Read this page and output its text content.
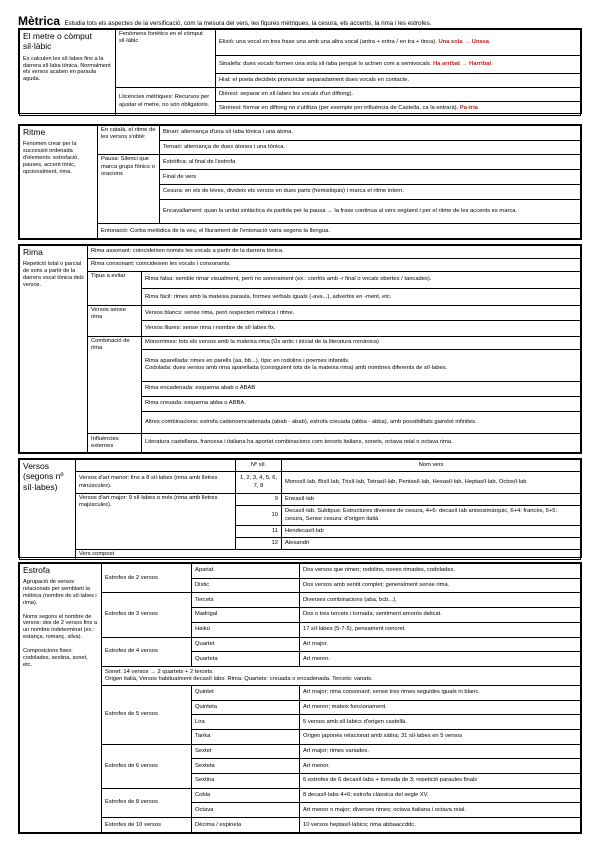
Mètrica Estudia tots els aspectes de la versificació, com la mesura del vers, les figures mètriques, la cesura, els accents, la rima i les estrofes.
El metre o còmput sil·làbic
Es calculen les síl·labes fins a la darrera síl·laba tònica. Normalment els versos acaben en paraula aguda.	Fenòmens fonètics en el còmput sil·làbic	Elisió: una vocal en tres frase una amb una altra vocal (antra + entra / en tra + tinca). Una sola → Unasa
		Sinalefa: dues vocals formen una sola síl·laba perquè lo actrien com a semivocals. Ha arribat → Harribat
		Hiat: el poeta decideix pronunciar separadament dues vocals en contacte.
	Llicències mètriques: Recursos per ajustar el metre, no són obligatoris.	Dièresi: separar en síl·labes les vocals d'un diftong).
		Sinèresi: formar en diftong no s'utilitza (per exemple per influència de Castella, ca la entrarà). Pa-tria
Ritme
Fenomen crear per la successió ordenada d'elements: estrofació, pauses, accent tònic, opcionalment, rima.	En català, el ritme de les versos s'obté:	Binari: alternança d'una síl·laba tònica i una àtona.
		Ternari: alternança de dues àtones i una tònica.
	Pausa: Silenci que marca grups fònics o oracions	Estròfica: al final de l'estrofa
		Final de vers
		Cesura: en els de leves, divideix els versos en dues parts (hemistiquis) i marca el ritme intern.
		Encavallament: quan la unitat sintàctica és partida per la pausa → la frase continua al vers següent i per el ritme de les accents es marca.
	Entonació: Corba melòdica de la veu, el lliurament de l'entonació varia segons la llengua.	
Rima
Repetició total o parcial de sons a partir de la darrera vocal tònica dels versos.	Rima assonant: coincideixen només les vocals a partir de la darrera tònica.	
	Rima consonant: coincideixen les vocals i consonants.	
	Tipus a evitar	Rima falsa: semble rimar visualment, però no sonorament (ex.: confós amb -r final o vocals obertes / tancades).
		Rima fàcil: rimes amb la mateixa paraula, formes verbals iguals (-ava...), adverbis en -ment, etc.
	Versos sense rima	Versos blancs: sense rima, però respecten mètrica i ritme.
		Versos lliures: sense rima i nombre de síl·labes fix.
	Combinació de rima	Monorrimes: tots els versos amb la mateixa rima (Ús antic i inicial de la literatura romànica)
		Rima aparellada: rimes en parells (aa, bb...), típic en rodolins i poemes infantils.
Codolada: dues versos amb rima aparellada (consiguient tots de la mateixa rima) amb nombres diferents de síl·labes.
		Rima encadenada: esquema abab o ABAB
		Rima creuada: esquema abba o ABBA.
		Altres combinacions: estrofa cadenoencadenada (abab - abab), estrofa creuada (abba - abba), amb possibilitats gairebé infinites.
	Influències externes	Literatura castellana, francesa i italiana ha aportat combinacions com tercets italians, sonets, octava reial o octava rima.
Versos (segons nº síl·labes)		Nº síl.	Nom vers
	Versos d'art menor: fins a 8 síl·labes (rima amb lletres minúscules).	1, 2, 3, 4, 5, 6, 7, 8	Monosíl·lab, Bisíl·lab, Trisíl·lab, Tetrasíl·lab, Pentasíl·lab, Hexasíl·lab, Heptasíl·lab, Octosíl·lab
	Versos d'art major: 9 síl·labes o més (rima amb lletres majúscules).	9	Eneasíl·lab
		10	Decasíl·lab. Subtipus: Estructures diverses de cesura, 4+6: decasíl·lab anisosimàrquic, 6+4: francès, 5+5: cesura, Sense cesura: d'origen italià
		11	Hendecasíl·lab
		12	Alexandrí
	Vers compost		
Estrofa
Agrupació de versos relacionats per semblant la mètrica (nombre de síl·labes i rima).

Noms segons el nombre de versos: des de 2 versos fins a un nombre indeterminat (ex.: estança, romanç, silva).

Composicions fixes: codolades, sextina, sonet, etc.	Estrofes de 2 versos	Apariat	Dos versos que rimen; rodolins, noves rimades, codolades.
		Distic	Dos versos amb sentit complet; generalment sense rima.
	Estrofes de 3 versos	Tercets	Diverses combinacions (aba, bcb...).
		Madrigal	Dos o tres tercets i tornada; sentiment amorós delicat.
		Haikú	17 síl·labes (5-7-5), pensament concret.
	Estrofes de 4 versos	Quartet	Art major.
		Quarteta	Art menor.
	Sonet: 14 versos → 2 quartets + 2 tercets.
Origen italià, Versos habitualment decasíl·labs. Rima: Quartets: creuada o encadenada. Tercets: variats.		
	Estrofes de 5 versos	Quintet	Art major; rima consonant; sense tres rimes seguides iguals ni blanc.
		Quinteta	Art menor; mateix funcionament.
		Lira	5 versos amb síl·labics d'origen castellà.
		Tanka	Origen japonès relacionat amb sàtira; 31 síl·labes en 5 versos
	Estrofes de 6 versos	Sextet	Art major; rimes variades.
		Sexteta	Art menor.
		Sextina	6 estrofes de 6 decasíl·labs + tornada de 3; repetició paraules finals
	Estrofes de 8 versos	Cobla	8 decasíl·labs 4+6; estrofa clàssica del segle XV.
		Octava	Art menor o major; diverses rimes; octava italiana i octava reial.
	Estrofes de 10 versos	Dècima / espinela	10 versos heptasíl·labics; rima abbaaccddc.
